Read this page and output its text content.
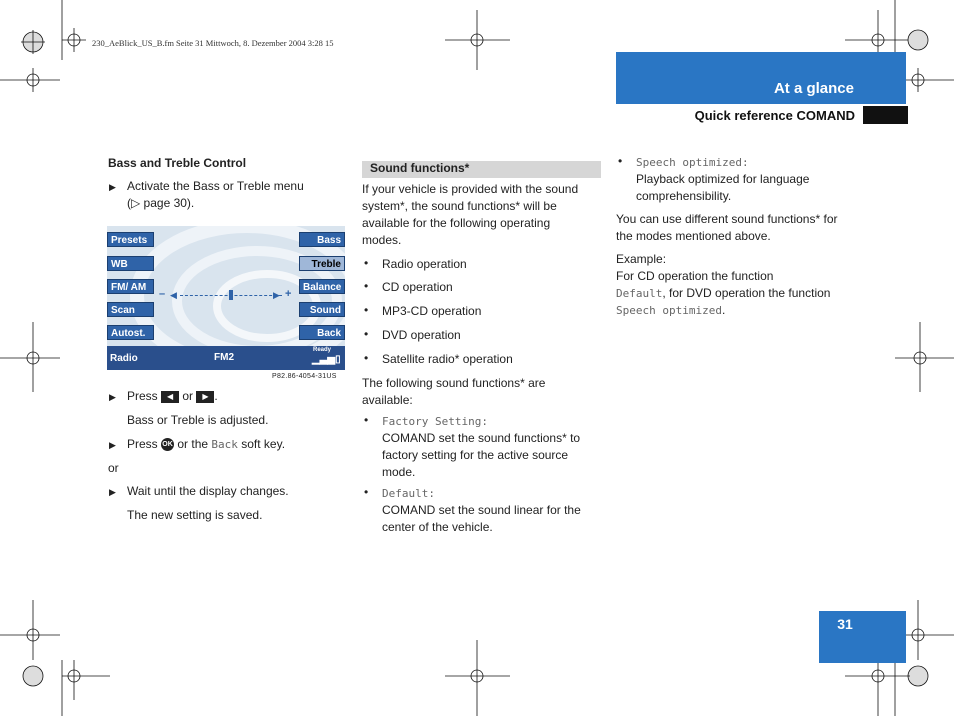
230_AeBlick_US_B.fm Seite 31 Mittwoch, 8. Dezember 2004 3:28 15
At a glance
Quick reference COMAND
Bass and Treble Control
▶ Activate the Bass or Treble menu
(▷ page 30).
Presets
WB
FM/ AM
Scan
Autost.
Bass
Treble
Balance
Sound
Back
– ◀	▶ +
Radio	FM2
Ready
▁▃▅▯
P82.86-4054-31US
▶ Press ◀ or ▶ .
Bass or Treble is adjusted.
▶ Press OK or the Back soft key.
or
▶ Wait until the display changes.
The new setting is saved.
Sound functions*
If your vehicle is provided with the sound
system*, the sound functions* will be
available for the following operating
modes.
• Radio operation
• CD operation
• MP3-CD operation
• DVD operation
• Satellite radio* operation
The following sound functions* are
available:
• Factory Setting:
COMAND set the sound functions* to
factory setting for the active source
mode.
• Default:
COMAND set the sound linear for the
center of the vehicle.
• Speech optimized:
Playback optimized for language
comprehensibility.
You can use different sound functions* for
the modes mentioned above.
Example:
For CD operation the function
Default, for DVD operation the function
Speech optimized.
31
